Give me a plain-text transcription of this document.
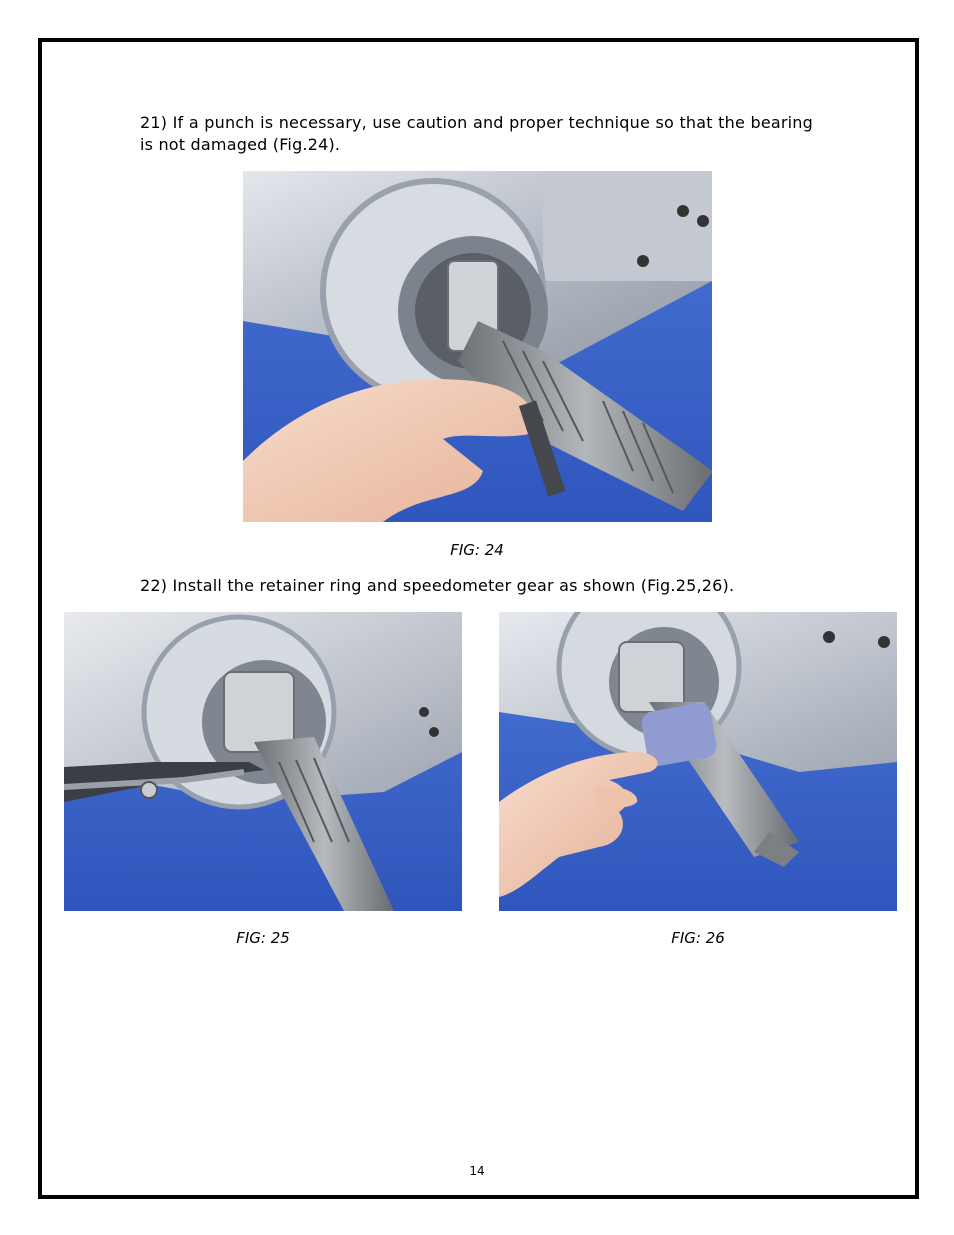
21) If a punch is necessary, use caution and proper technique so that the bearing is not damaged (Fig.24).
FIG: 24
22) Install the retainer ring and speedometer gear as shown (Fig.25,26).
FIG: 25	FIG: 26
14
